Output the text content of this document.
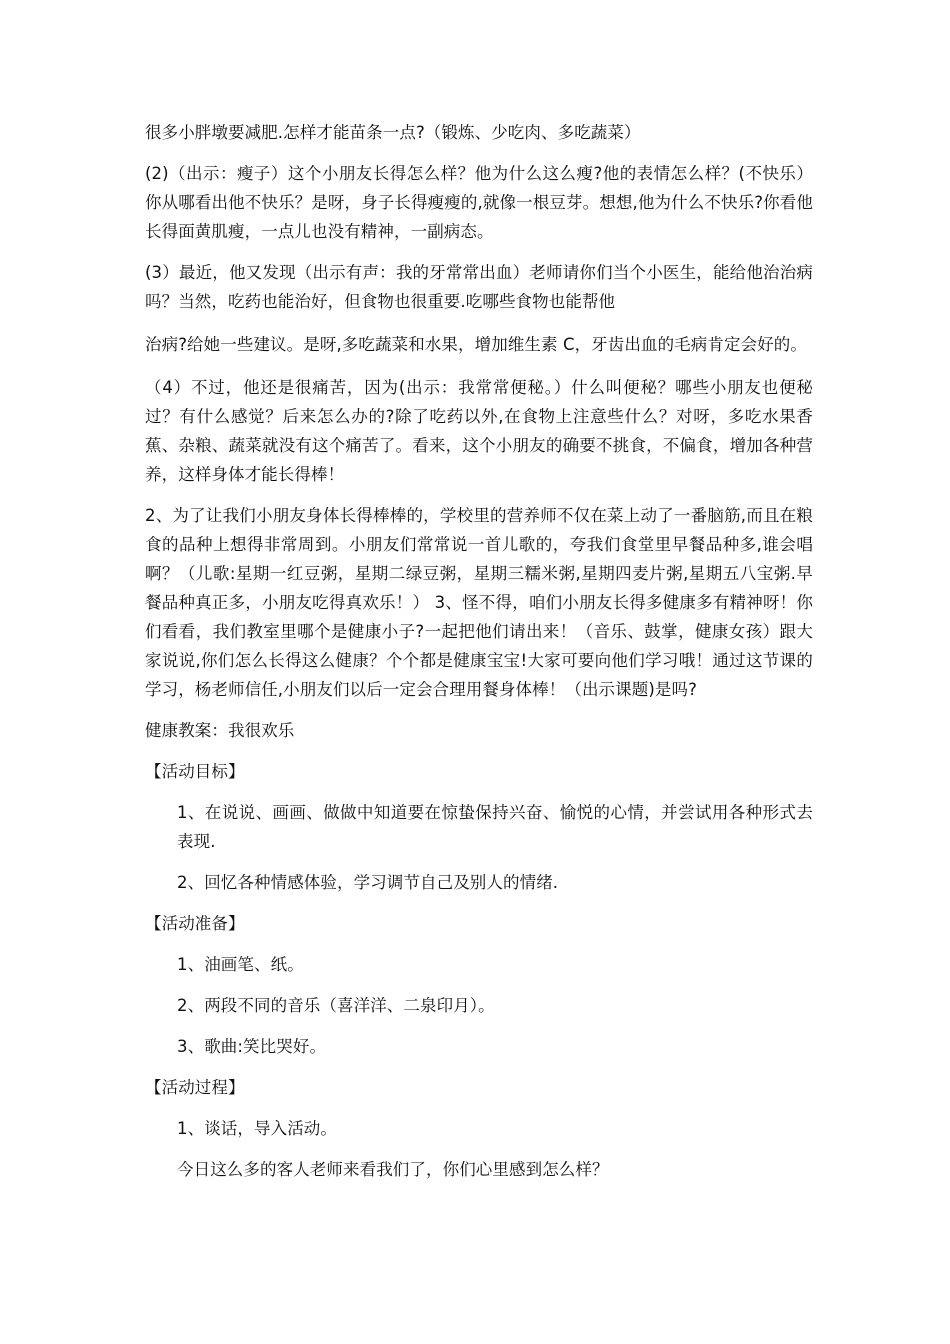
很多小胖墩要减肥.怎样才能苗条一点?（锻炼、少吃肉、多吃蔬菜）

(2)（出示：瘦子）这个小朋友长得怎么样？他为什么这么瘦?他的表情怎么样？(不快乐）你从哪看出他不快乐？是呀，身子长得瘦瘦的,就像一根豆芽。想想,他为什么不快乐?你看他长得面黄肌瘦，一点儿也没有精神，一副病态。

(3）最近，他又发现（出示有声：我的牙常常出血）老师请你们当个小医生，能给他治治病吗？当然，吃药也能治好，但食物也很重要.吃哪些食物也能帮他

治病?给她一些建议。是呀,多吃蔬菜和水果，增加维生素 C，牙齿出血的毛病肯定会好的。

（4）不过，他还是很痛苦，因为(出示：我常常便秘。）什么叫便秘？哪些小朋友也便秘过？有什么感觉？后来怎么办的?除了吃药以外,在食物上注意些什么？对呀，多吃水果香蕉、杂粮、蔬菜就没有这个痛苦了。看来，这个小朋友的确要不挑食，不偏食，增加各种营养，这样身体才能长得棒！

2、为了让我们小朋友身体长得棒棒的，学校里的营养师不仅在菜上动了一番脑筋,而且在粮食的品种上想得非常周到。小朋友们常常说一首儿歌的，夸我们食堂里早餐品种多,谁会唱啊？（儿歌:星期一红豆粥，星期二绿豆粥，星期三糯米粥,星期四麦片粥,星期五八宝粥.早餐品种真正多，小朋友吃得真欢乐！） 3、怪不得，咱们小朋友长得多健康多有精神呀！你们看看，我们教室里哪个是健康小子?一起把他们请出来！（音乐、鼓掌，健康女孩）跟大家说说,你们怎么长得这么健康？个个都是健康宝宝!大家可要向他们学习哦！通过这节课的学习，杨老师信任,小朋友们以后一定会合理用餐身体棒！（出示课题)是吗?

健康教案：我很欢乐

【活动目标】

1、在说说、画画、做做中知道要在惊蛰保持兴奋、愉悦的心情，并尝试用各种形式去表现.

2、回忆各种情感体验，学习调节自己及别人的情绪.

【活动准备】

1、油画笔、纸。

2、两段不同的音乐（喜洋洋、二泉印月）。

3、歌曲:笑比哭好。

【活动过程】

1、谈话，导入活动。

今日这么多的客人老师来看我们了，你们心里感到怎么样？
